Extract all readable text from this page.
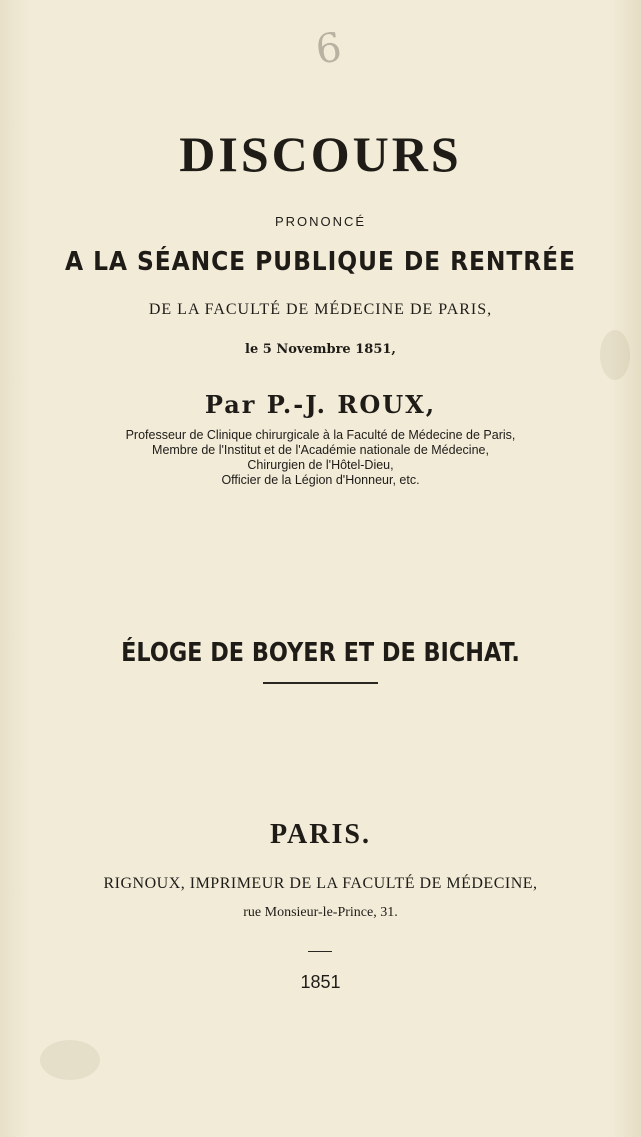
6
DISCOURS
PRONONCÉ
A LA SÉANCE PUBLIQUE DE RENTRÉE
DE LA FACULTÉ DE MÉDECINE DE PARIS,
le 5 Novembre 1851,
Par P.-J. ROUX,
Professeur de Clinique chirurgicale à la Faculté de Médecine de Paris,
Membre de l'Institut et de l'Académie nationale de Médecine,
Chirurgien de l'Hôtel-Dieu,
Officier de la Légion d'Honneur, etc.
ÉLOGE DE BOYER ET DE BICHAT.
PARIS.
RIGNOUX, IMPRIMEUR DE LA FACULTÉ DE MÉDECINE,
rue Monsieur-le-Prince, 31.
1851
